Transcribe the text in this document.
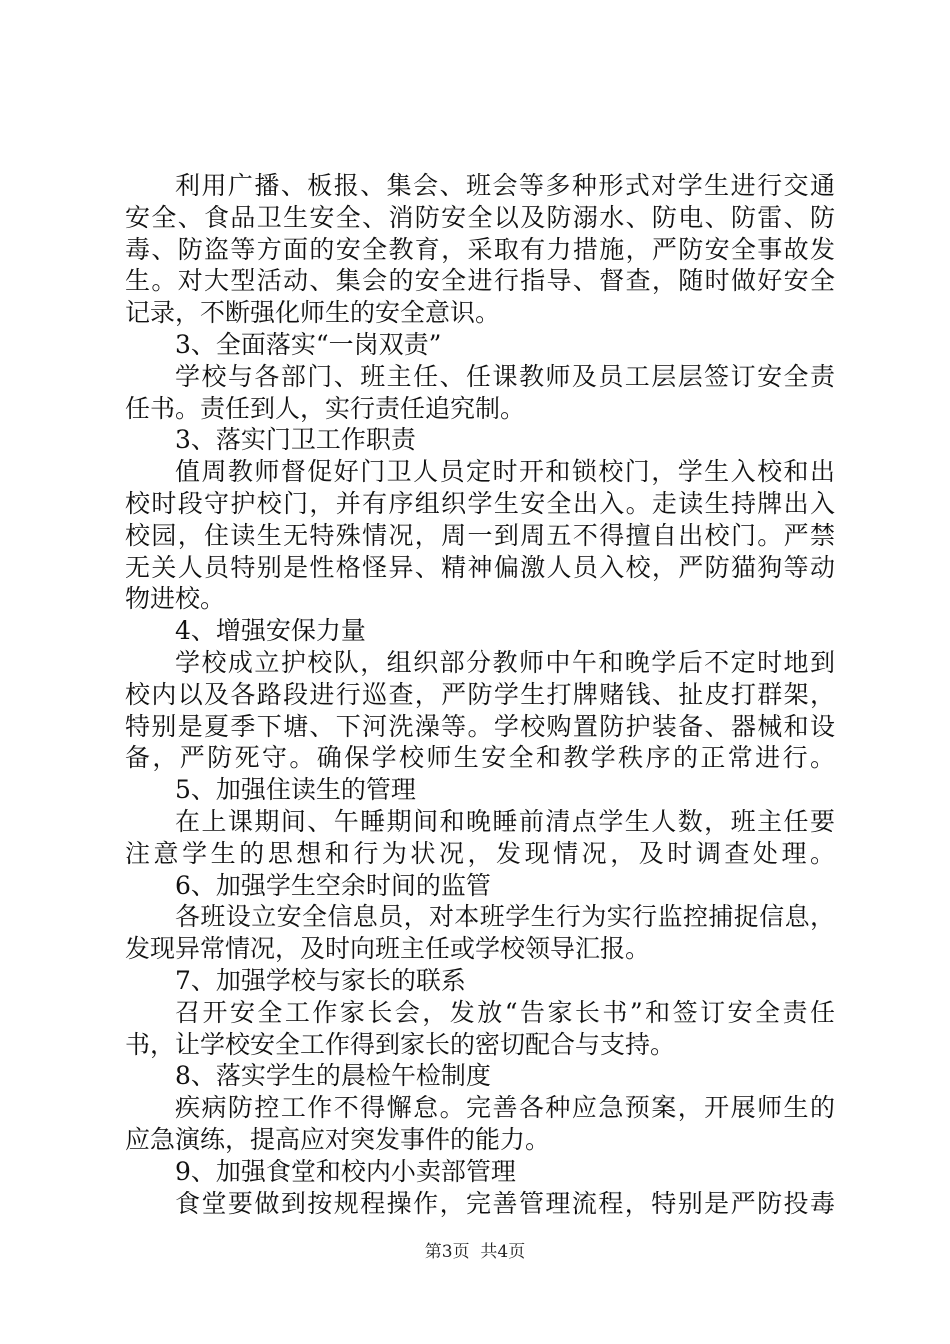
利用广播、板报、集会、班会等多种形式对学生进行交通
安全、食品卫生安全、消防安全以及防溺水、防电、防雷、防
毒、防盗等方面的安全教育，采取有力措施，严防安全事故发
生。对大型活动、集会的安全进行指导、督查，随时做好安全
记录，不断强化师生的安全意识。
3、全面落实“一岗双责”
学校与各部门、班主任、任课教师及员工层层签订安全责
任书。责任到人，实行责任追究制。
3、落实门卫工作职责
值周教师督促好门卫人员定时开和锁校门，学生入校和出
校时段守护校门，并有序组织学生安全出入。走读生持牌出入
校园，住读生无特殊情况，周一到周五不得擅自出校门。严禁
无关人员特别是性格怪异、精神偏激人员入校，严防猫狗等动
物进校。
4、增强安保力量
学校成立护校队，组织部分教师中午和晚学后不定时地到
校内以及各路段进行巡查，严防学生打牌赌钱、扯皮打群架，
特别是夏季下塘、下河洗澡等。学校购置防护装备、器械和设
备，严防死守。确保学校师生安全和教学秩序的正常进行。
5、加强住读生的管理
在上课期间、午睡期间和晚睡前清点学生人数，班主任要
注意学生的思想和行为状况，发现情况，及时调查处理。
6、加强学生空余时间的监管
各班设立安全信息员，对本班学生行为实行监控捕捉信息，
发现异常情况，及时向班主任或学校领导汇报。
7、加强学校与家长的联系
召开安全工作家长会，发放“告家长书”和签订安全责任
书，让学校安全工作得到家长的密切配合与支持。
8、落实学生的晨检午检制度
疾病防控工作不得懈怠。完善各种应急预案，开展师生的
应急演练，提高应对突发事件的能力。
9、加强食堂和校内小卖部管理
食堂要做到按规程操作，完善管理流程，特别是严防投毒
第3页 共4页
